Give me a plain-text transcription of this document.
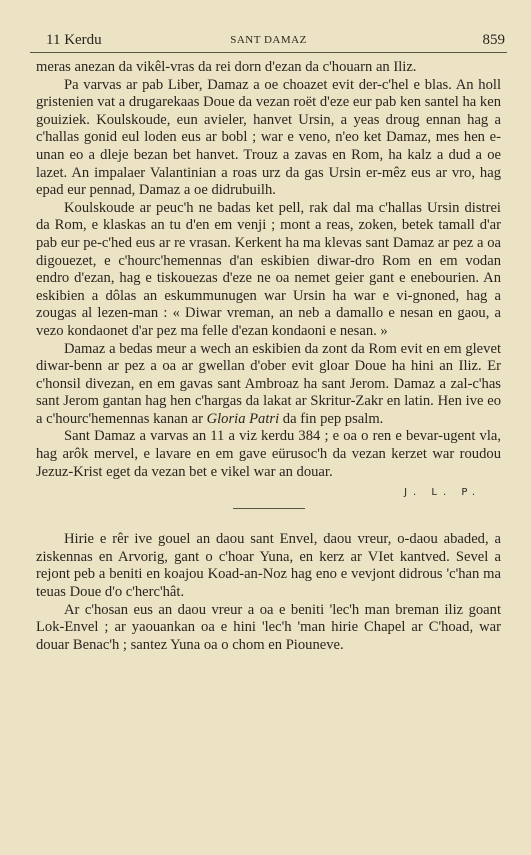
11 Kerdu	SANT DAMAZ	859

meras anezan da vikêl-vras da rei dorn d'ezan da c'houarn an Iliz.

Pa varvas ar pab Liber, Damaz a oe choazet evit der-c'hel e blas. An holl gristenien vat a drugarekaas Doue da vezan roët d'eze eur pab ken santel ha ken gouiziek. Koulskoude, eun avieler, hanvet Ursin, a yeas droug ennan hag a c'hallas gonid eul loden eus ar bobl ; war e veno, n'eo ket Damaz, mes hen e-unan eo a dleje bezan bet hanvet. Trouz a zavas en Rom, ha kalz a dud a oe lazet. An impalaer Valantinian a roas urz da gas Ursin er-mêz eus ar vro, hag epad eur pennad, Damaz a oe didrubuilh.

Koulskoude ar peuc'h ne badas ket pell, rak dal ma c'hallas Ursin distrei da Rom, e klaskas an tu d'en em venji ; mont a reas, zoken, betek tamall d'ar pab eur pe-c'hed eus ar re vrasan. Kerkent ha ma klevas sant Damaz ar pez a oa digouezet, e c'hourc'hemennas d'an eskibien diwar-dro Rom en em vodan endro d'ezan, hag e tiskouezas d'eze ne oa nemet geier gant e enebourien. An eskibien a dôlas an eskummunugen war Ursin ha war e vi-gnoned, hag a zougas al lezen-man : « Diwar vreman, an neb a damallo e nesan en gaou, a vezo kondaonet d'ar pez ma felle d'ezan kondaoni e nesan. »

Damaz a bedas meur a wech an eskibien da zont da Rom evit en em glevet diwar-benn ar pez a oa ar gwellan d'ober evit gloar Doue ha hini an Iliz. Er c'honsil divezan, en em gavas sant Ambroaz ha sant Jerom. Damaz a zal-c'has sant Jerom gantan hag hen c'hargas da lakat ar Skritur-Zakr en latin. Hen ive eo a c'hourc'hemennas kanan ar Gloria Patri da fin pep psalm.

Sant Damaz a varvas an 11 a viz kerdu 384 ; e oa o ren e bevar-ugent vla, hag arôk mervel, e lavare en em gave eürusoc'h da vezan kerzet war roudou Jezuz-Krist eget da vezan bet e vikel war an douar.

J. L. P.

Hirie e rêr ive gouel an daou sant Envel, daou vreur, o-daou abaded, a ziskennas en Arvorig, gant o c'hoar Yuna, en kerz ar VIet kantved. Sevel a rejont peb a beniti en koajou Koad-an-Noz hag eno e vevjont didrous 'c'han ma teuas Doue d'o c'herc'hât.

Ar c'hosan eus an daou vreur a oa e beniti 'lec'h man breman iliz goant Lok-Envel ; ar yaouankan oa e hini 'lec'h 'man hirie Chapel ar C'hoad, war douar Benac'h ; santez Yuna oa o chom en Piouneve.
